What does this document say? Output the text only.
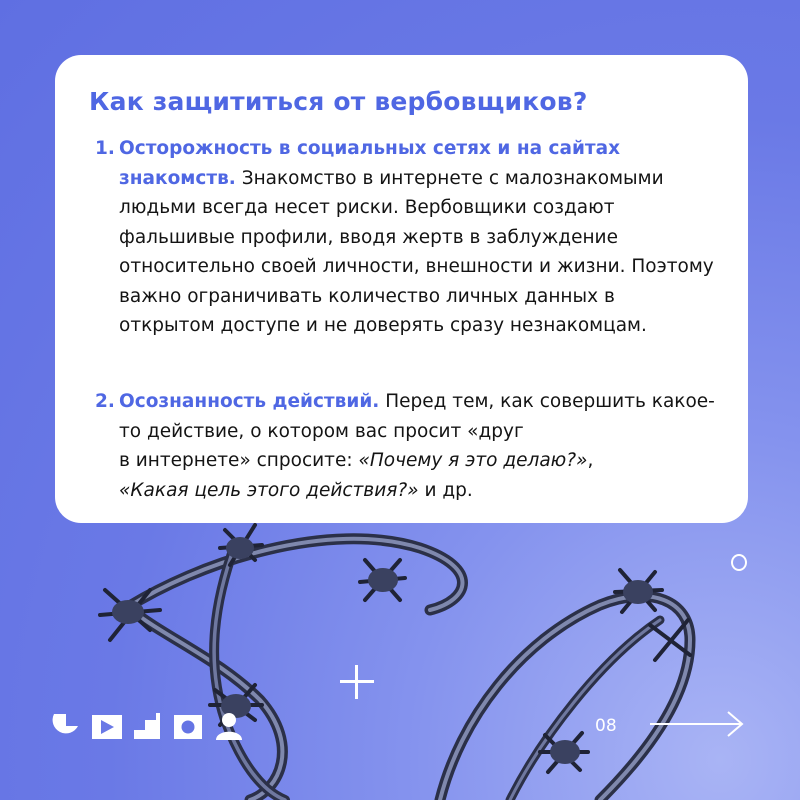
Как защититься от вербовщиков?
1. Осторожность в социальных сетях и на сайтах знакомств. Знакомство в интернете с малознакомыми людьми всегда несет риски. Вербовщики создают фальшивые профили, вводя жертв в заблуждение относительно своей личности, внешности и жизни. Поэтому важно ограничивать количество личных данных в открытом доступе и не доверять сразу незнакомцам.
2. Осознанность действий. Перед тем, как совершить какое-то действие, о котором вас просит «друг
в интернете» спросите: «Почему я это делаю?»,
«Какая цель этого действия?» и др.
08
